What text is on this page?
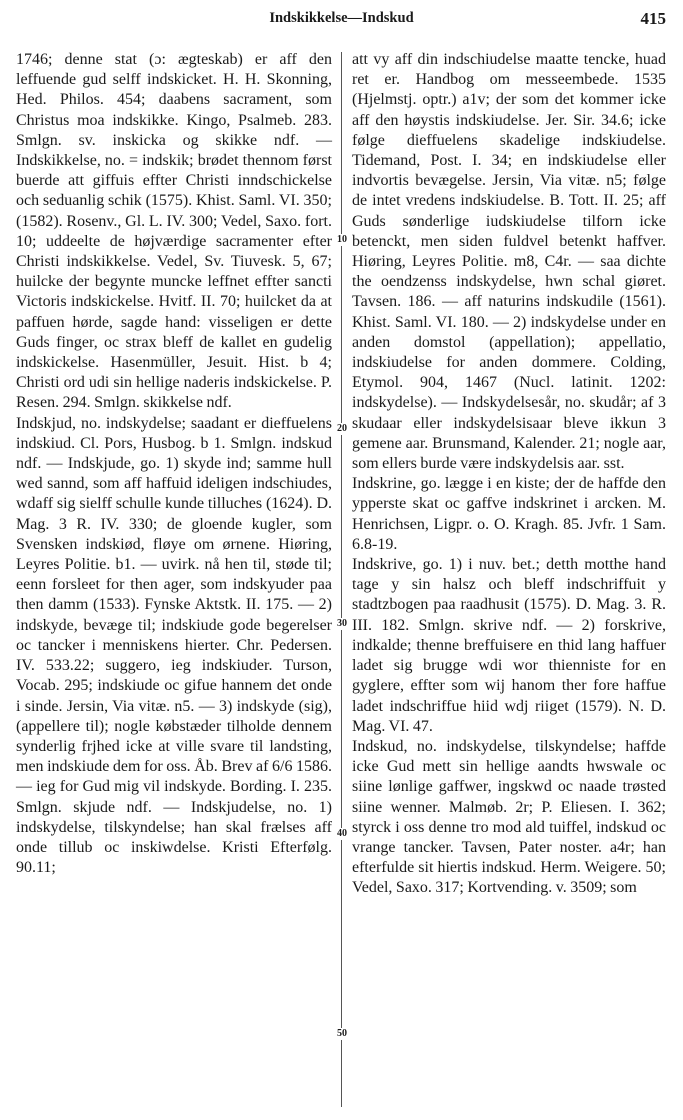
Indskikkelse—Indskud	415

1746; denne stat (ɔ: ægteskab) er aff den leffuende gud selff indskicket. H. H. Skonning, Hed. Philos. 454; daabens sacrament, som Christus moa indskikke. Kingo, Psalmeb. 283. Smlgn. sv. inskicka og skikke ndf. — Indskikkelse, no. = indskik; brødet thennom først buerde att giffuis effter Christi inndschickelse och seduanlig schik (1575). Khist. Saml. VI. 350; (1582). Rosenv., Gl. L. IV. 300; Vedel, Saxo. fort. 10; uddeelte de højværdige sacramenter efter Christi indskikkelse. Vedel, Sv. Tiuvesk. 5, 67; huilcke der begynte muncke leffnet effter sancti Victoris indskickelse. Hvitf. II. 70; huilcket da at paffuen hørde, sagde hand: visseligen er dette Guds finger, oc strax bleff de kallet en gudelig indskickelse. Hasenmüller, Jesuit. Hist. b 4; Christi ord udi sin hellige naderis indskickelse. P. Resen. 294. Smlgn. skikkelse ndf.

Indskjud, no. indskydelse; saadant er dieffuelens indskiud. Cl. Pors, Husbog. b 1. Smlgn. indskud ndf. — Indskjude, go. 1) skyde ind; samme hull wed sannd, som aff haffuid ideligen indschiudes, wdaff sig sielff schulle kunde tilluches (1624). D. Mag. 3 R. IV. 330; de gloende kugler, som Svensken indskiød, fløye om ørnene. Hiøring, Leyres Politie. b1. — uvirk. nå hen til, støde til; eenn forsleet for then ager, som indskyuder paa then damm (1533). Fynske Aktstk. II. 175. — 2) indskyde, bevæge til; indskiude gode begerelser oc tancker i menniskens hierter. Chr. Pedersen. IV. 533.22; suggero, ieg indskiuder. Turson, Vocab. 295; indskiude oc gifue hannem det onde i sinde. Jersin, Via vitæ. n5. — 3) indskyde (sig), (appellere til); nogle købstæder tilholde dennem synderlig frjhed icke at ville svare til landsting, men indskiude dem for oss. Åb. Brev af 6/6 1586. — ieg for Gud mig vil indskyde. Bording. I. 235. Smlgn. skjude ndf. — Indskjudelse, no. 1) indskydelse, tilskyndelse; han skal frælses aff onde tillub oc inskiwdelse. Kristi Efterfølg. 90.11;

10
20
30
40
50

att vy aff din indschiudelse maatte tencke, huad ret er. Handbog om messeembede. 1535 (Hjelmstj. optr.) a1v; der som det kommer icke aff den høystis indskiudelse. Jer. Sir. 34.6; icke følge dieffuelens skadelige indskiudelse. Tidemand, Post. I. 34; en indskiudelse eller indvortis bevægelse. Jersin, Via vitæ. n5; følge de intet vredens indskiudelse. B. Tott. II. 25; aff Guds sønderlige iudskiudelse tilforn icke betenckt, men siden fuldvel betenkt haffver. Hiøring, Leyres Politie. m8, C4r. — saa dichte the oendzenss indskydelse, hwn schal giøret. Tavsen. 186. — aff naturins indskudile (1561). Khist. Saml. VI. 180. — 2) indskydelse under en anden domstol (appellation); appellatio, indskiudelse for anden dommere. Colding, Etymol. 904, 1467 (Nucl. latinit. 1202: indskydelse). — Indskydelsesår, no. skudår; af 3 skudaar eller indskydelsisaar bleve ikkun 3 gemene aar. Brunsmand, Kalender. 21; nogle aar, som ellers burde være indskydelsis aar. sst.

Indskrine, go. lægge i en kiste; der de haffde den ypperste skat oc gaffve indskrinet i arcken. M. Henrichsen, Ligpr. o. O. Kragh. 85. Jvfr. 1 Sam. 6.8-19.

Indskrive, go. 1) i nuv. bet.; detth motthe hand tage y sin halsz och bleff indschriffuit y stadtzbogen paa raadhusit (1575). D. Mag. 3. R. III. 182. Smlgn. skrive ndf. — 2) forskrive, indkalde; thenne breffuisere en thid lang haffuer ladet sig brugge wdi wor thienniste for en gyglere, effter som wij hanom ther fore haffue ladet indschriffue hiid wdj riiget (1579). N. D. Mag. VI. 47.

Indskud, no. indskydelse, tilskyndelse; haffde icke Gud mett sin hellige aandts hwswale oc siine lønlige gaffwer, ingskwd oc naade trøsted siine wenner. Malmøb. 2r; P. Eliesen. I. 362; styrck i oss denne tro mod ald tuiffel, indskud oc vrange tancker. Tavsen, Pater noster. a4r; han efterfulde sit hiertis indskud. Herm. Weigere. 50; Vedel, Saxo. 317; Kortvending. v. 3509; som
